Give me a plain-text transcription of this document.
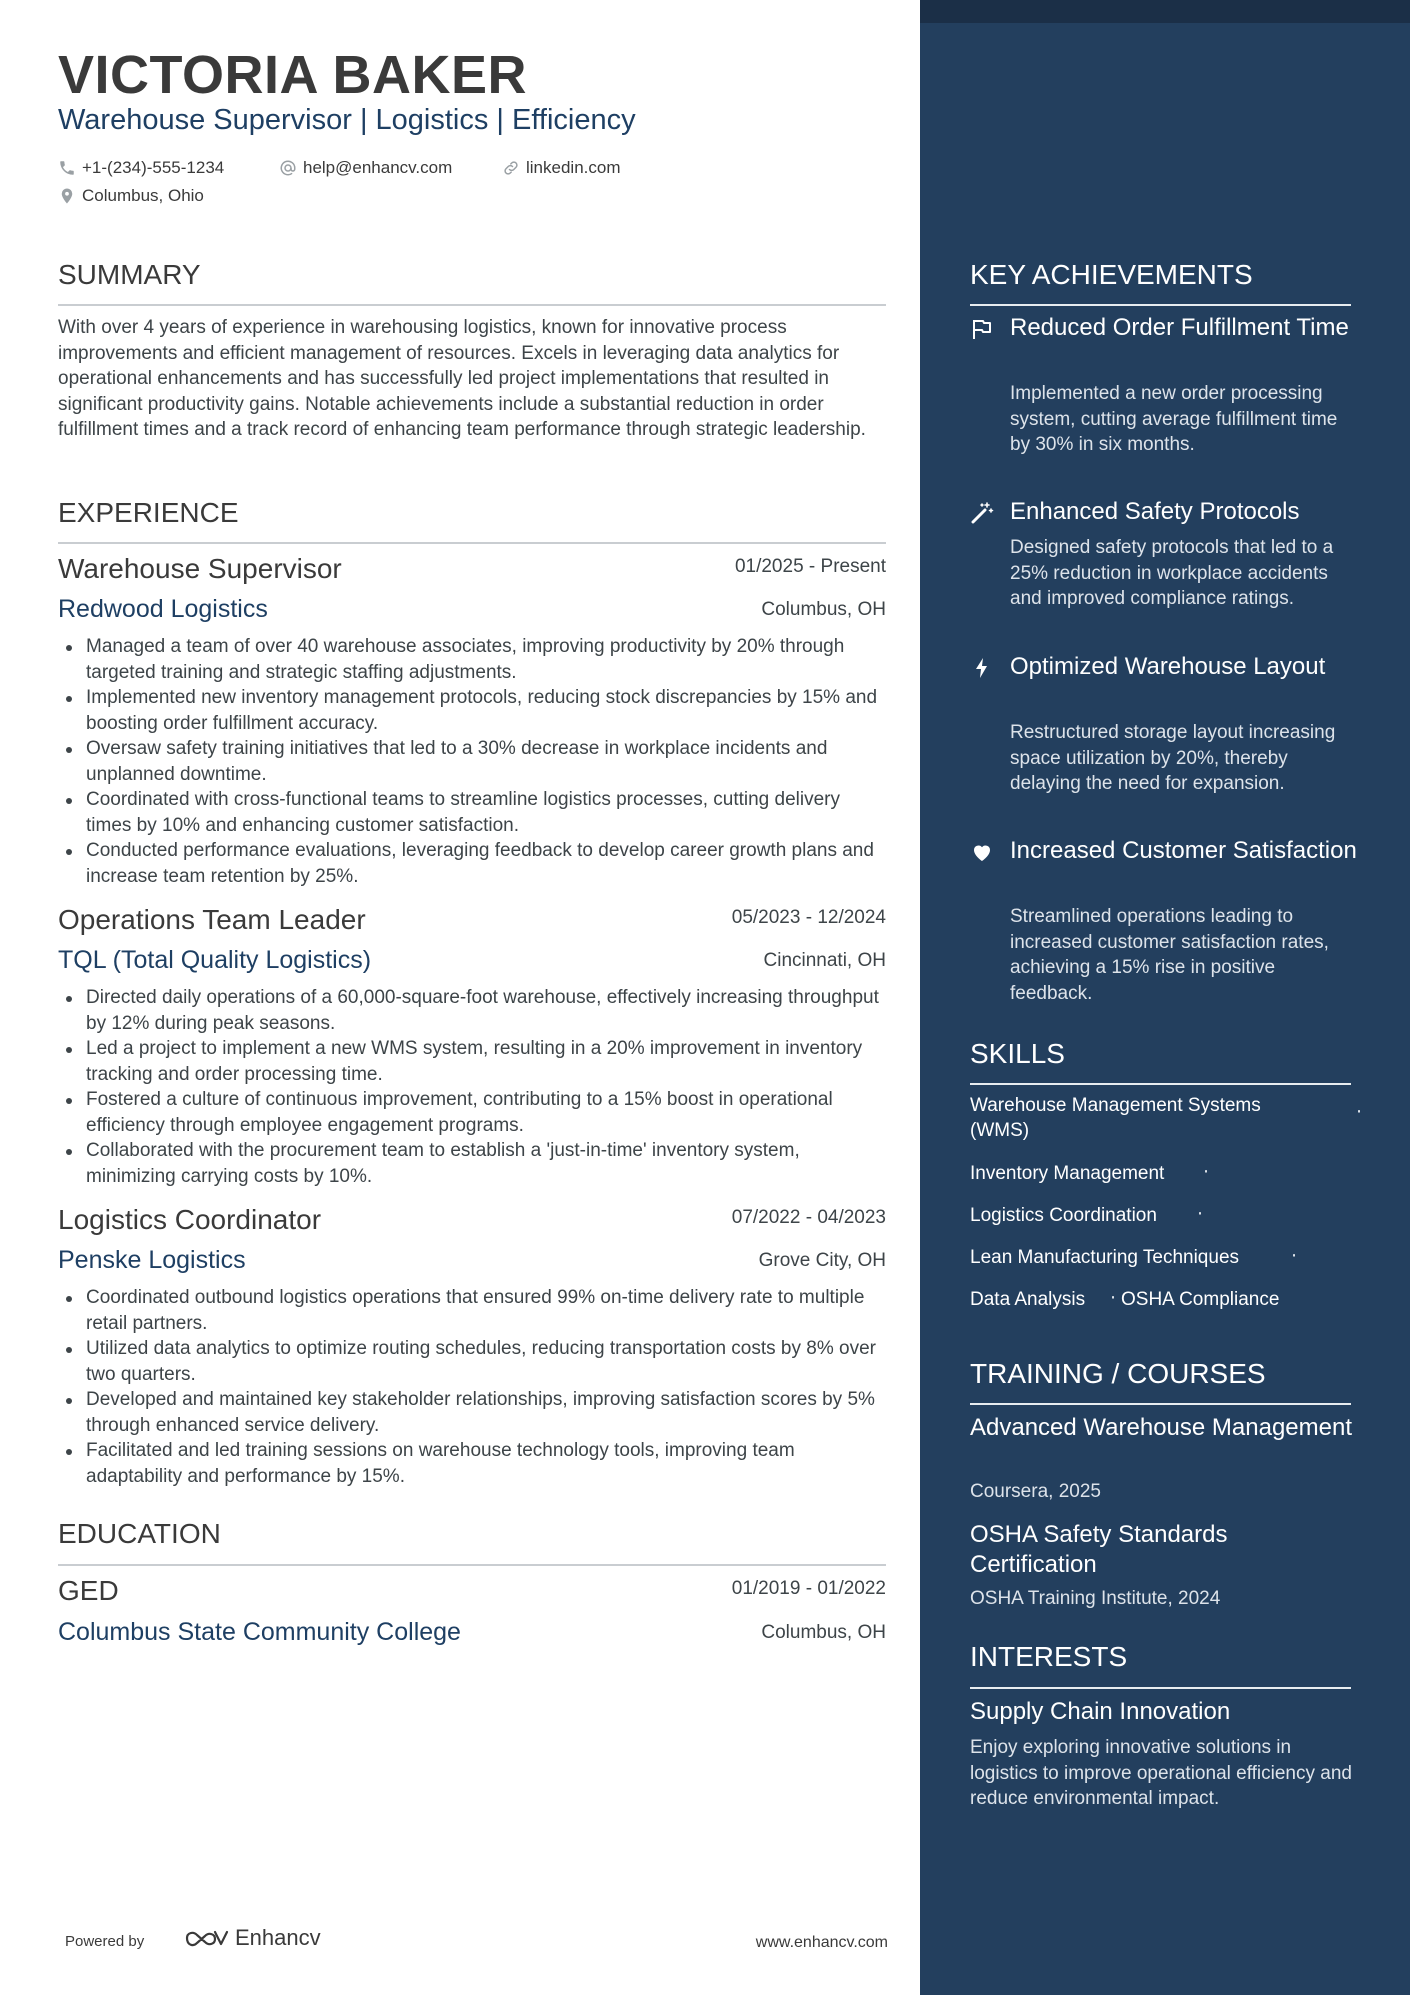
VICTORIA BAKER
Warehouse Supervisor | Logistics | Efficiency
+1-(234)-555-1234	help@enhancv.com	linkedin.com
Columbus, Ohio
SUMMARY
With over 4 years of experience in warehousing logistics, known for innovative process improvements and efficient management of resources. Excels in leveraging data analytics for operational enhancements and has successfully led project implementations that resulted in significant productivity gains. Notable achievements include a substantial reduction in order fulfillment times and a track record of enhancing team performance through strategic leadership.
EXPERIENCE
Warehouse Supervisor	01/2025 - Present
Redwood Logistics	Columbus, OH
Managed a team of over 40 warehouse associates, improving productivity by 20% through targeted training and strategic staffing adjustments.
Implemented new inventory management protocols, reducing stock discrepancies by 15% and boosting order fulfillment accuracy.
Oversaw safety training initiatives that led to a 30% decrease in workplace incidents and unplanned downtime.
Coordinated with cross-functional teams to streamline logistics processes, cutting delivery times by 10% and enhancing customer satisfaction.
Conducted performance evaluations, leveraging feedback to develop career growth plans and increase team retention by 25%.
Operations Team Leader	05/2023 - 12/2024
TQL (Total Quality Logistics)	Cincinnati, OH
Directed daily operations of a 60,000-square-foot warehouse, effectively increasing throughput by 12% during peak seasons.
Led a project to implement a new WMS system, resulting in a 20% improvement in inventory tracking and order processing time.
Fostered a culture of continuous improvement, contributing to a 15% boost in operational efficiency through employee engagement programs.
Collaborated with the procurement team to establish a 'just-in-time' inventory system, minimizing carrying costs by 10%.
Logistics Coordinator	07/2022 - 04/2023
Penske Logistics	Grove City, OH
Coordinated outbound logistics operations that ensured 99% on-time delivery rate to multiple retail partners.
Utilized data analytics to optimize routing schedules, reducing transportation costs by 8% over two quarters.
Developed and maintained key stakeholder relationships, improving satisfaction scores by 5% through enhanced service delivery.
Facilitated and led training sessions on warehouse technology tools, improving team adaptability and performance by 15%.
EDUCATION
GED	01/2019 - 01/2022
Columbus State Community College	Columbus, OH
Powered by	Enhancv	www.enhancv.com
KEY ACHIEVEMENTS
Reduced Order Fulfillment Time
Implemented a new order processing system, cutting average fulfillment time by 30% in six months.
Enhanced Safety Protocols
Designed safety protocols that led to a 25% reduction in workplace accidents and improved compliance ratings.
Optimized Warehouse Layout
Restructured storage layout increasing space utilization by 20%, thereby delaying the need for expansion.
Increased Customer Satisfaction
Streamlined operations leading to increased customer satisfaction rates, achieving a 15% rise in positive feedback.
SKILLS
Warehouse Management Systems (WMS)
·
Inventory Management ·
Logistics Coordination ·
Lean Manufacturing Techniques	·
Data Analysis · OSHA Compliance
TRAINING / COURSES
Advanced Warehouse Management
Coursera, 2025
OSHA Safety Standards Certification
OSHA Training Institute, 2024
INTERESTS
Supply Chain Innovation
Enjoy exploring innovative solutions in logistics to improve operational efficiency and reduce environmental impact.
